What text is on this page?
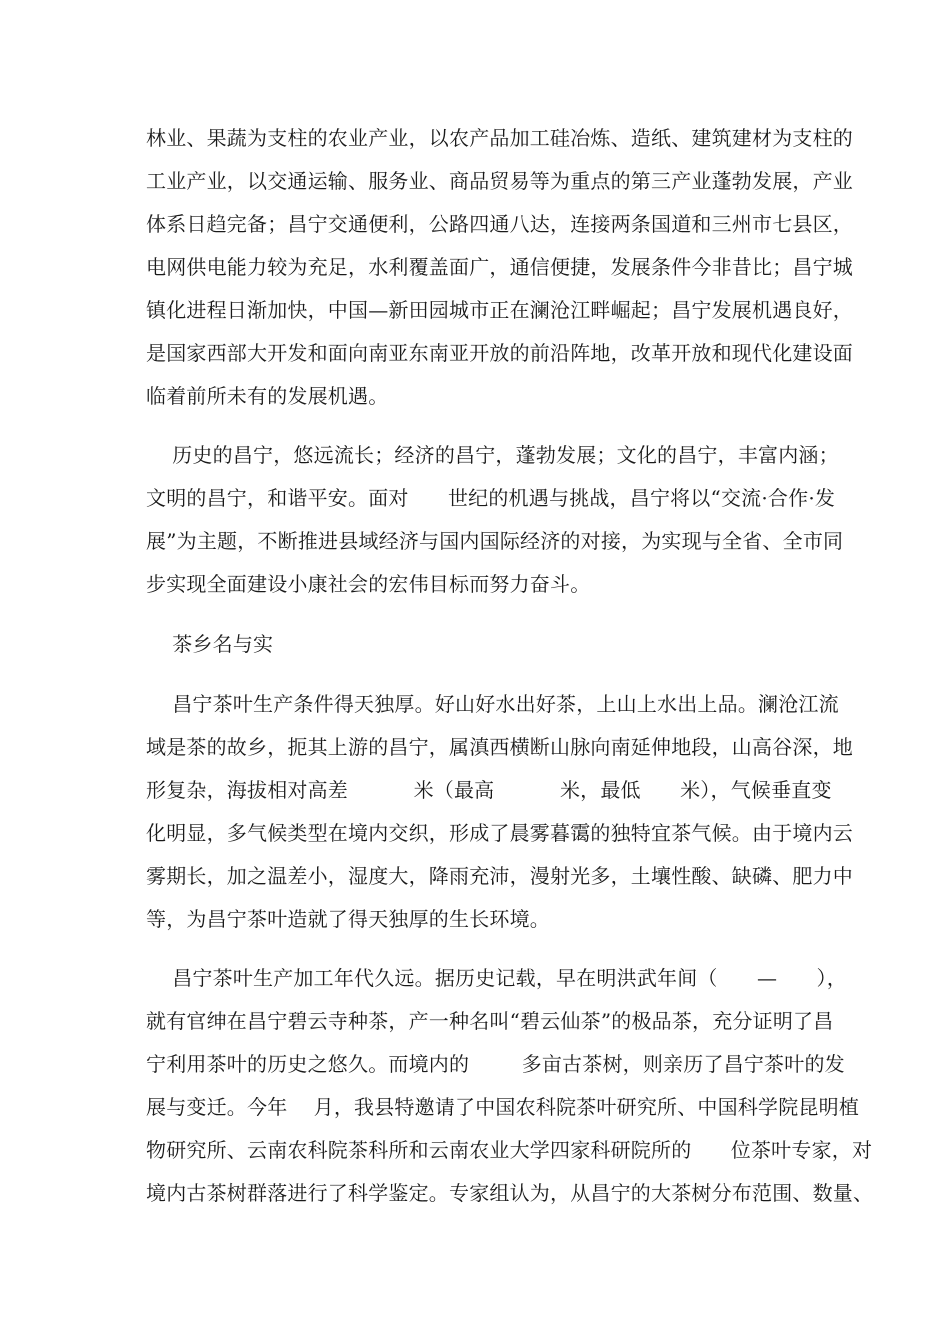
林业、果蔬为支柱的农业产业，以农产品加工硅冶炼、造纸、建筑建材为支柱的
工业产业，以交通运输、服务业、商品贸易等为重点的第三产业蓬勃发展，产业
体系日趋完备；昌宁交通便利，公路四通八达，连接两条国道和三州市七县区，
电网供电能力较为充足，水利覆盖面广，通信便捷，发展条件今非昔比；昌宁城
镇化进程日渐加快，中国—新田园城市正在澜沧江畔崛起；昌宁发展机遇良好，
是国家西部大开发和面向南亚东南亚开放的前沿阵地，改革开放和现代化建设面
临着前所未有的发展机遇。
历史的昌宁，悠远流长；经济的昌宁，蓬勃发展；文化的昌宁，丰富内涵；
文明的昌宁，和谐平安。面对      世纪的机遇与挑战，昌宁将以“交流·合作·发
展”为主题，不断推进县域经济与国内国际经济的对接，为实现与全省、全市同
步实现全面建设小康社会的宏伟目标而努力奋斗。
茶乡名与实
昌宁茶叶生产条件得天独厚。好山好水出好茶，上山上水出上品。澜沧江流
域是茶的故乡，扼其上游的昌宁，属滇西横断山脉向南延伸地段，山高谷深，地
形复杂，海拔相对高差          米（最高          米，最低      米），气候垂直变
化明显，多气候类型在境内交织，形成了晨雾暮霭的独特宜茶气候。由于境内云
雾期长，加之温差小，湿度大，降雨充沛，漫射光多，土壤性酸、缺磷、肥力中
等，为昌宁茶叶造就了得天独厚的生长环境。
昌宁茶叶生产加工年代久远。据历史记载，早在明洪武年间（      —      ），
就有官绅在昌宁碧云寺种茶，产一种名叫“碧云仙茶”的极品茶，充分证明了昌
宁利用茶叶的历史之悠久。而境内的        多亩古茶树，则亲历了昌宁茶叶的发
展与变迁。今年    月，我县特邀请了中国农科院茶叶研究所、中国科学院昆明植
物研究所、云南农科院茶科所和云南农业大学四家科研院所的      位茶叶专家，对
境内古茶树群落进行了科学鉴定。专家组认为，从昌宁的大茶树分布范围、数量、
